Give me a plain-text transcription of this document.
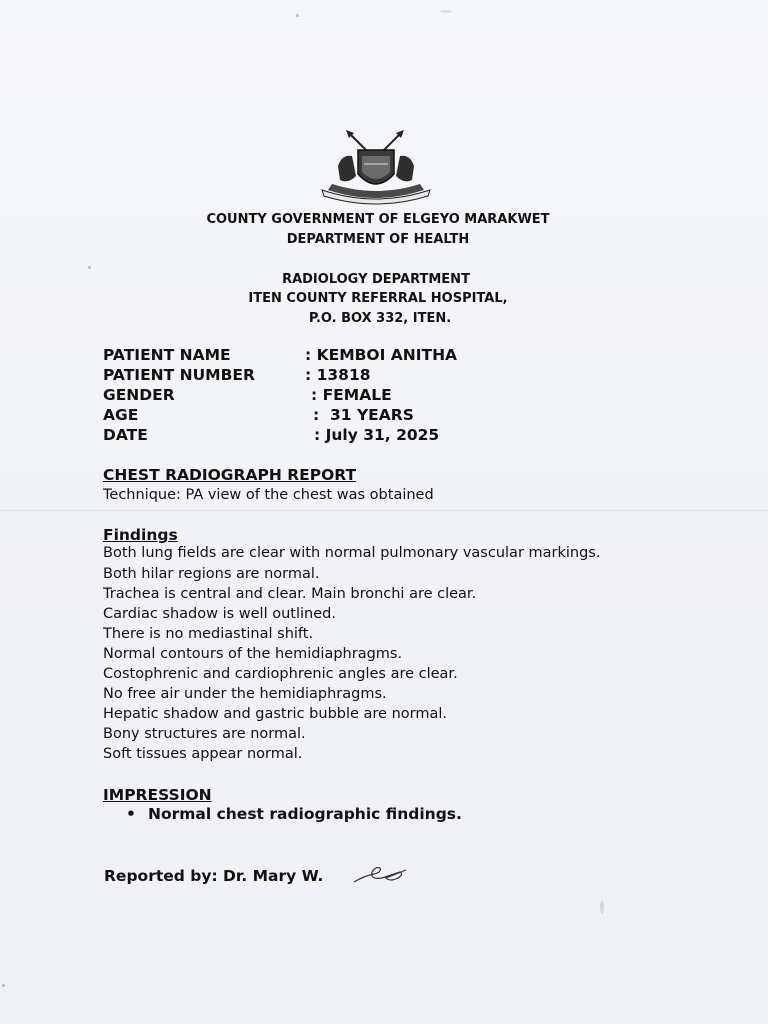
COUNTY GOVERNMENT OF ELGEYO MARAKWET
DEPARTMENT OF HEALTH
RADIOLOGY DEPARTMENT
ITEN COUNTY REFERRAL HOSPITAL,
P.O. BOX 332, ITEN.
PATIENT NAME	: KEMBOI ANITHA
PATIENT NUMBER	: 13818
GENDER	: FEMALE
AGE	:  31 YEARS
DATE	: July 31, 2025
CHEST RADIOGRAPH REPORT
Technique: PA view of the chest was obtained
Findings
Both lung fields are clear with normal pulmonary vascular markings.
Both hilar regions are normal.
Trachea is central and clear. Main bronchi are clear.
Cardiac shadow is well outlined.
There is no mediastinal shift.
Normal contours of the hemidiaphragms.
Costophrenic and cardiophrenic angles are clear.
No free air under the hemidiaphragms.
Hepatic shadow and gastric bubble are normal.
Bony structures are normal.
Soft tissues appear normal.
IMPRESSION
• Normal chest radiographic findings.
Reported by: Dr. Mary W.
